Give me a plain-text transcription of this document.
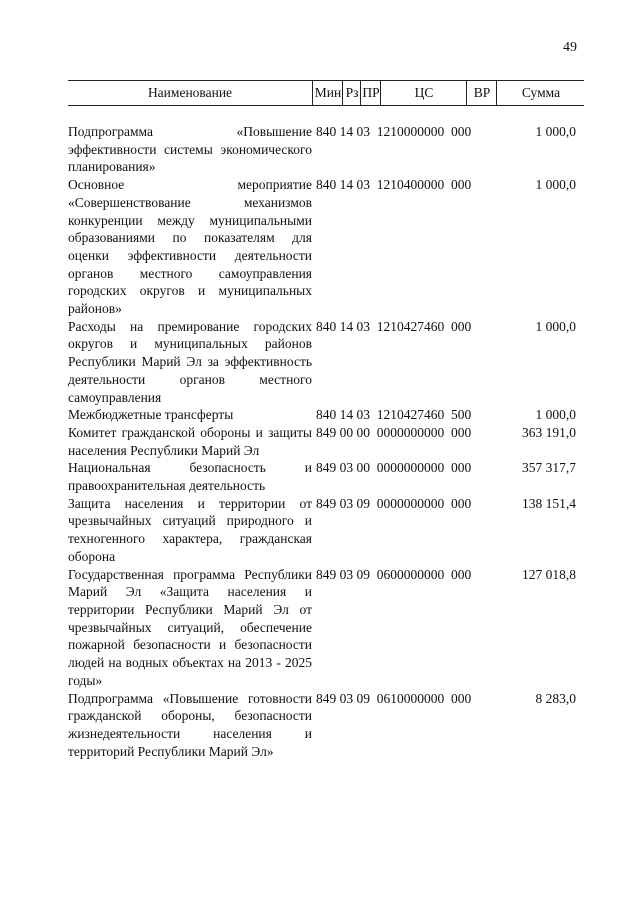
49
Наименование	Мин Рз ПР	ЦС	ВР	Сумма
Подпрограмма «Повышение эффективности системы экономического планирования»
840 14 03  1210000000  000	1 000,0
Основное мероприятие «Совершенствование механизмов конкуренции между муниципальными образованиями по показателям для оценки эффективности деятельности органов местного самоуправления городских округов и муниципальных районов»
840 14 03  1210400000  000	1 000,0
Расходы на премирование городских округов и муниципальных районов Республики Марий Эл за эффективность деятельности органов местного самоуправления
840 14 03  1210427460  000	1 000,0
Межбюджетные трансферты	840 14 03  1210427460  500	1 000,0
Комитет гражданской обороны и защиты населения Республики Марий Эл
849 00 00  0000000000  000	363 191,0
Национальная безопасность и правоохранительная деятельность
849 03 00  0000000000  000	357 317,7
Защита населения и территории от чрезвычайных ситуаций природного и техногенного характера, гражданская оборона
849 03 09  0000000000  000	138 151,4
Государственная программа Республики Марий Эл «Защита населения и территории Республики Марий Эл от чрезвычайных ситуаций, обеспечение пожарной безопасности и безопасности людей на водных объектах на 2013 - 2025 годы»
849 03 09  0600000000  000	127 018,8
Подпрограмма «Повышение готовности гражданской обороны, безопасности жизнедеятельности населения и территорий Республики Марий Эл»
849 03 09  0610000000  000	8 283,0
